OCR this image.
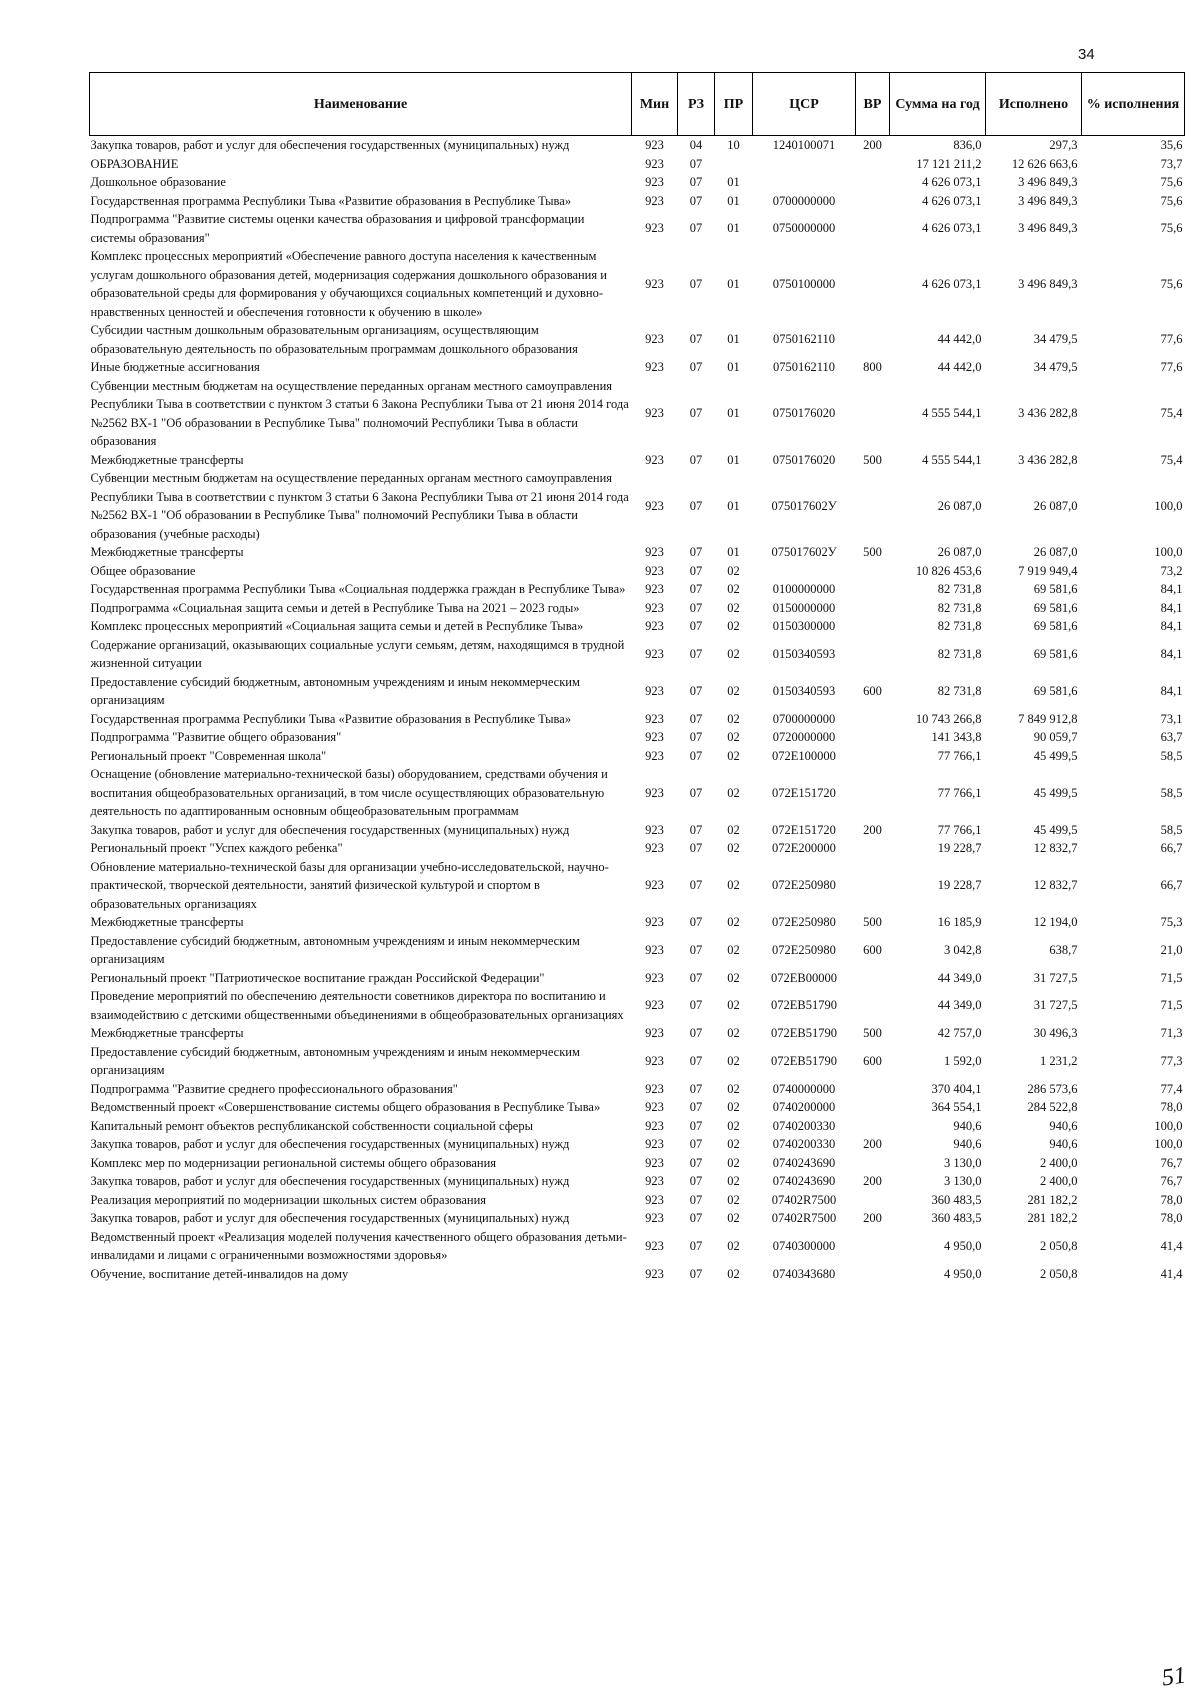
34
Наименование	Мин	РЗ	ПР	ЦСР	ВР	Сумма на год	Исполнено	% исполнения
Закупка товаров, работ и услуг для обеспечения государственных (муниципальных) нужд	923	04	10	1240100071	200	836,0	297,3	35,6
ОБРАЗОВАНИЕ	923	07				17 121 211,2	12 626 663,6	73,7
Дошкольное образование	923	07	01			4 626 073,1	3 496 849,3	75,6
Государственная программа Республики Тыва «Развитие образования в Республике Тыва»	923	07	01	0700000000		4 626 073,1	3 496 849,3	75,6
Подпрограмма "Развитие системы оценки качества образования и цифровой трансформации системы образования"	923	07	01	0750000000		4 626 073,1	3 496 849,3	75,6
Комплекс процессных мероприятий «Обеспечение равного доступа населения к качественным услугам дошкольного образования детей, модернизация содержания дошкольного образования и образовательной среды для формирования у обучающихся социальных компетенций и духовно-нравственных ценностей и обеспечения готовности к обучению в школе»	923	07	01	0750100000		4 626 073,1	3 496 849,3	75,6
Субсидии частным дошкольным образовательным организациям, осуществляющим образовательную деятельность по образовательным программам дошкольного образования	923	07	01	0750162110		44 442,0	34 479,5	77,6
Иные бюджетные ассигнования	923	07	01	0750162110	800	44 442,0	34 479,5	77,6
Субвенции местным бюджетам на осуществление переданных органам местного самоуправления Республики Тыва в соответствии с пунктом 3 статьи 6 Закона Республики Тыва от 21 июня 2014 года №2562 ВХ-1 "Об образовании в Республике Тыва" полномочий Республики Тыва в области образования	923	07	01	0750176020		4 555 544,1	3 436 282,8	75,4
Межбюджетные трансферты	923	07	01	0750176020	500	4 555 544,1	3 436 282,8	75,4
Субвенции местным бюджетам на осуществление переданных органам местного самоуправления Республики Тыва в соответствии с пунктом 3 статьи 6 Закона Республики Тыва от 21 июня 2014 года №2562 ВХ-1 "Об образовании в Республике Тыва" полномочий Республики Тыва в области образования (учебные расходы)	923	07	01	075017602У		26 087,0	26 087,0	100,0
Межбюджетные трансферты	923	07	01	075017602У	500	26 087,0	26 087,0	100,0
Общее образование	923	07	02			10 826 453,6	7 919 949,4	73,2
Государственная программа Республики Тыва «Социальная поддержка граждан в Республике Тыва»	923	07	02	0100000000		82 731,8	69 581,6	84,1
Подпрограмма «Социальная защита семьи и детей в Республике Тыва на 2021 – 2023 годы»	923	07	02	0150000000		82 731,8	69 581,6	84,1
Комплекс процессных мероприятий «Социальная защита семьи и детей в Республике Тыва»	923	07	02	0150300000		82 731,8	69 581,6	84,1
Содержание организаций, оказывающих социальные услуги семьям, детям, находящимся в трудной жизненной ситуации	923	07	02	0150340593		82 731,8	69 581,6	84,1
Предоставление субсидий бюджетным, автономным учреждениям и иным некоммерческим организациям	923	07	02	0150340593	600	82 731,8	69 581,6	84,1
Государственная программа Республики Тыва «Развитие образования в Республике Тыва»	923	07	02	0700000000		10 743 266,8	7 849 912,8	73,1
Подпрограмма "Развитие общего образования"	923	07	02	0720000000		141 343,8	90 059,7	63,7
Региональный проект "Современная школа"	923	07	02	072E100000		77 766,1	45 499,5	58,5
Оснащение (обновление материально-технической базы) оборудованием, средствами обучения и воспитания общеобразовательных организаций, в том числе осуществляющих образовательную деятельность по адаптированным основным общеобразовательным программам	923	07	02	072E151720		77 766,1	45 499,5	58,5
Закупка товаров, работ и услуг для обеспечения государственных (муниципальных) нужд	923	07	02	072E151720	200	77 766,1	45 499,5	58,5
Региональный проект "Успех каждого ребенка"	923	07	02	072E200000		19 228,7	12 832,7	66,7
Обновление материально-технической базы для организации учебно-исследовательской, научно-практической, творческой деятельности, занятий физической культурой и спортом в образовательных организациях	923	07	02	072E250980		19 228,7	12 832,7	66,7
Межбюджетные трансферты	923	07	02	072E250980	500	16 185,9	12 194,0	75,3
Предоставление субсидий бюджетным, автономным учреждениям и иным некоммерческим организациям	923	07	02	072E250980	600	3 042,8	638,7	21,0
Региональный проект "Патриотическое воспитание граждан Российской Федерации"	923	07	02	072EB00000		44 349,0	31 727,5	71,5
Проведение мероприятий по обеспечению деятельности советников директора по воспитанию и взаимодействию с детскими общественными объединениями в общеобразовательных организациях	923	07	02	072EB51790		44 349,0	31 727,5	71,5
Межбюджетные трансферты	923	07	02	072EB51790	500	42 757,0	30 496,3	71,3
Предоставление субсидий бюджетным, автономным учреждениям и иным некоммерческим организациям	923	07	02	072EB51790	600	1 592,0	1 231,2	77,3
Подпрограмма "Развитие среднего профессионального образования"	923	07	02	0740000000		370 404,1	286 573,6	77,4
Ведомственный проект «Совершенствование системы общего образования в Республике Тыва»	923	07	02	0740200000		364 554,1	284 522,8	78,0
Капитальный ремонт объектов республиканской собственности социальной сферы	923	07	02	0740200330		940,6	940,6	100,0
Закупка товаров, работ и услуг для обеспечения государственных (муниципальных) нужд	923	07	02	0740200330	200	940,6	940,6	100,0
Комплекс мер по модернизации региональной системы общего образования	923	07	02	0740243690		3 130,0	2 400,0	76,7
Закупка товаров, работ и услуг для обеспечения государственных (муниципальных) нужд	923	07	02	0740243690	200	3 130,0	2 400,0	76,7
Реализация мероприятий по модернизации школьных систем образования	923	07	02	07402R7500		360 483,5	281 182,2	78,0
Закупка товаров, работ и услуг для обеспечения государственных (муниципальных) нужд	923	07	02	07402R7500	200	360 483,5	281 182,2	78,0
Ведомственный проект «Реализация моделей получения качественного общего образования детьми-инвалидами и лицами с ограниченными возможностями здоровья»	923	07	02	0740300000		4 950,0	2 050,8	41,4
Обучение, воспитание детей-инвалидов на дому	923	07	02	0740343680		4 950,0	2 050,8	41,4
51
